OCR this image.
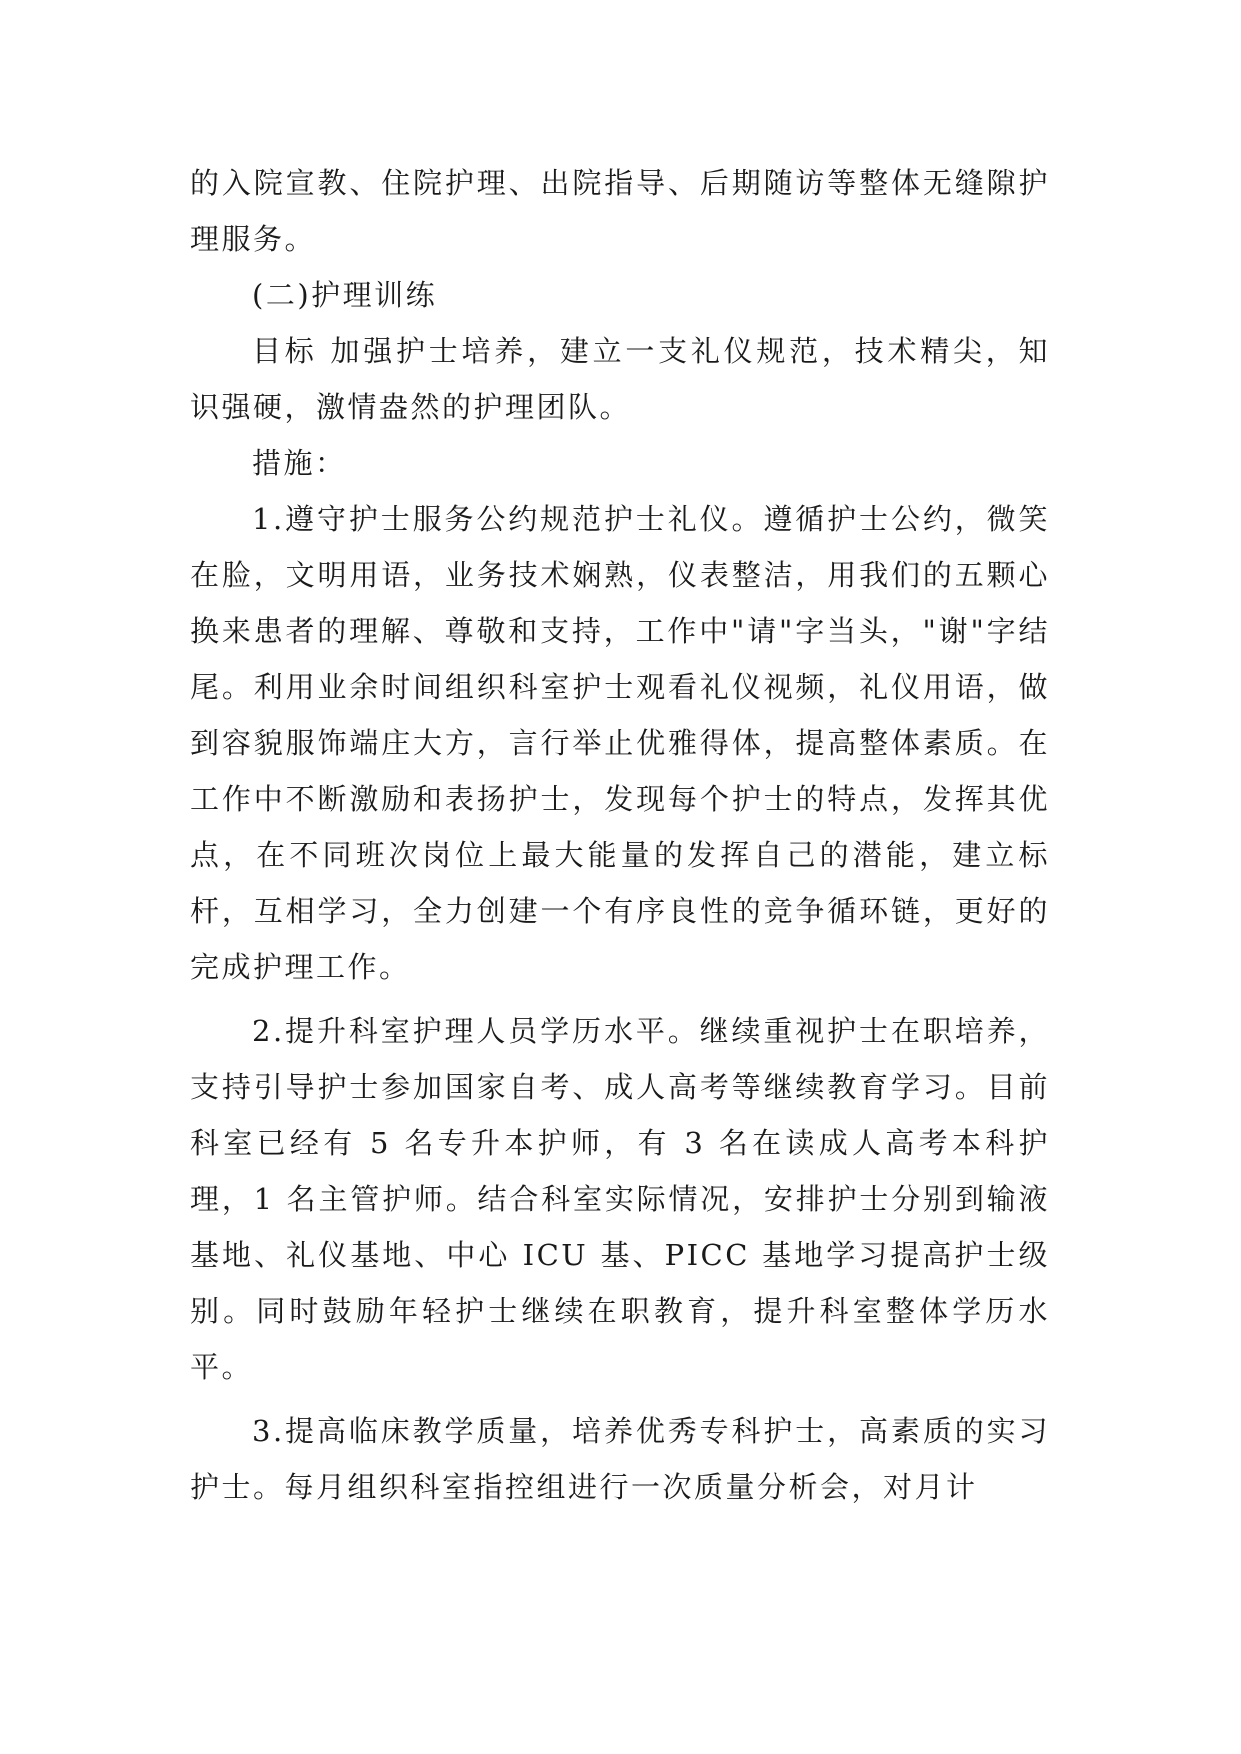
的入院宣教、住院护理、出院指导、后期随访等整体无缝隙护理服务。

(二)护理训练

目标 加强护士培养，建立一支礼仪规范，技术精尖，知识强硬，激情盎然的护理团队。

措施：

1.遵守护士服务公约规范护士礼仪。遵循护士公约，微笑在脸，文明用语，业务技术娴熟，仪表整洁，用我们的五颗心换来患者的理解、尊敬和支持，工作中"请"字当头，"谢"字结尾。利用业余时间组织科室护士观看礼仪视频，礼仪用语，做到容貌服饰端庄大方，言行举止优雅得体，提高整体素质。在工作中不断激励和表扬护士，发现每个护士的特点，发挥其优点，在不同班次岗位上最大能量的发挥自己的潜能，建立标杆，互相学习，全力创建一个有序良性的竞争循环链，更好的完成护理工作。

2.提升科室护理人员学历水平。继续重视护士在职培养，支持引导护士参加国家自考、成人高考等继续教育学习。目前科室已经有 5 名专升本护师，有 3 名在读成人高考本科护理，1 名主管护师。结合科室实际情况，安排护士分别到输液基地、礼仪基地、中心 ICU 基、PICC 基地学习提高护士级别。同时鼓励年轻护士继续在职教育，提升科室整体学历水平。

3.提高临床教学质量，培养优秀专科护士，高素质的实习护士。每月组织科室指控组进行一次质量分析会，对月计
